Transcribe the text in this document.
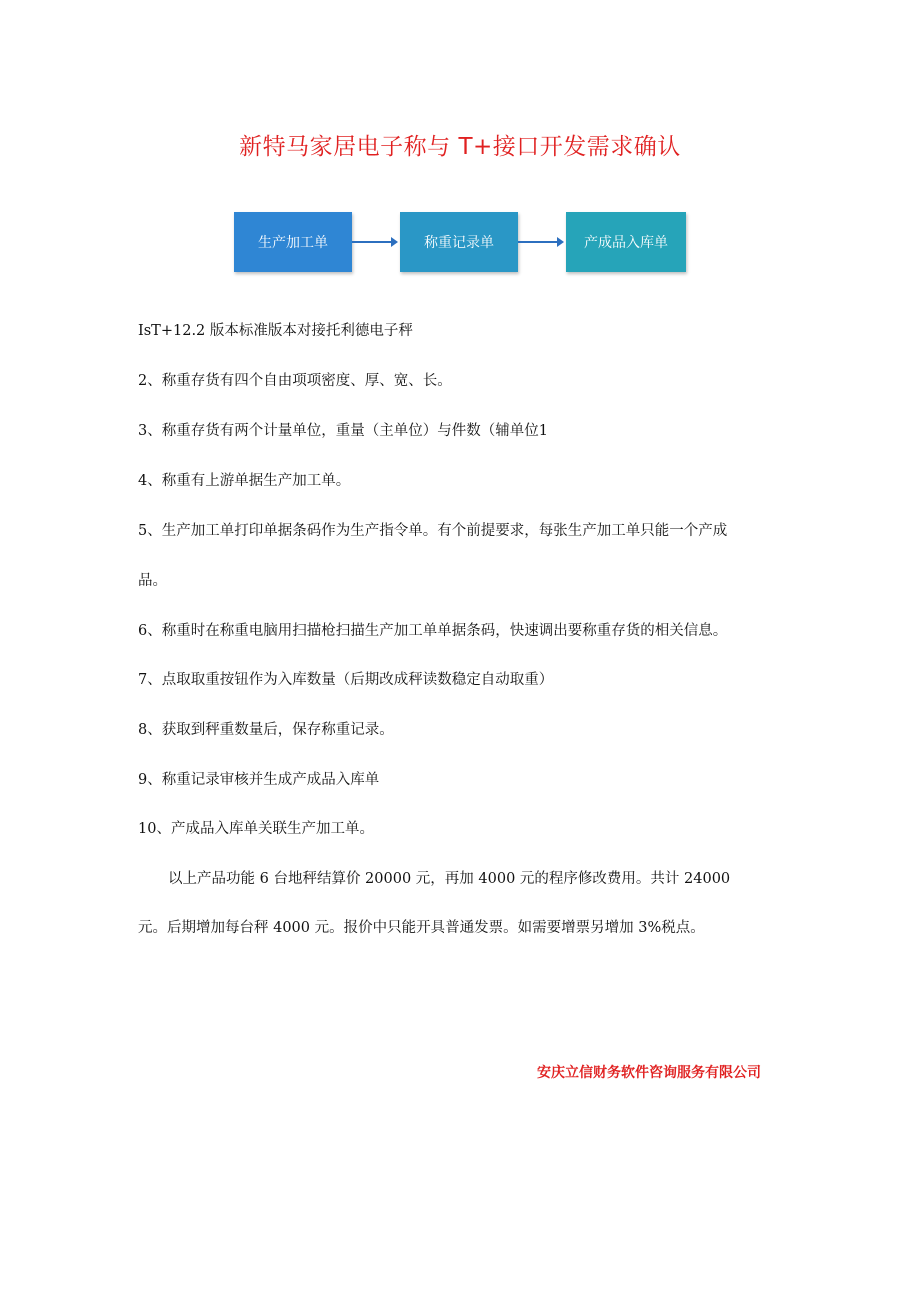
新特马家居电子称与 T+接口开发需求确认
生产加工单	称重记录单	产成品入库单
IsT+12.2 版本标准版本对接托利德电子秤
2、称重存货有四个自由项项密度、厚、宽、长。
3、称重存货有两个计量单位，重量（主单位）与件数（辅单位1
4、称重有上游单据生产加工单。
5、生产加工单打印单据条码作为生产指令单。有个前提要求，每张生产加工单只能一个产成
品。
6、称重时在称重电脑用扫描枪扫描生产加工单单据条码，快速调出要称重存货的相关信息。
7、点取取重按钮作为入库数量（后期改成秤读数稳定自动取重）
8、获取到秤重数量后，保存称重记录。
9、称重记录审核并生成产成品入库单
10、产成品入库单关联生产加工单。
以上产品功能 6 台地秤结算价 20000 元，再加 4000 元的程序修改费用。共计 24000
元。后期增加每台秤 4000 元。报价中只能开具普通发票。如需要增票另增加 3%税点。
安庆立信财务软件咨询服务有限公司
